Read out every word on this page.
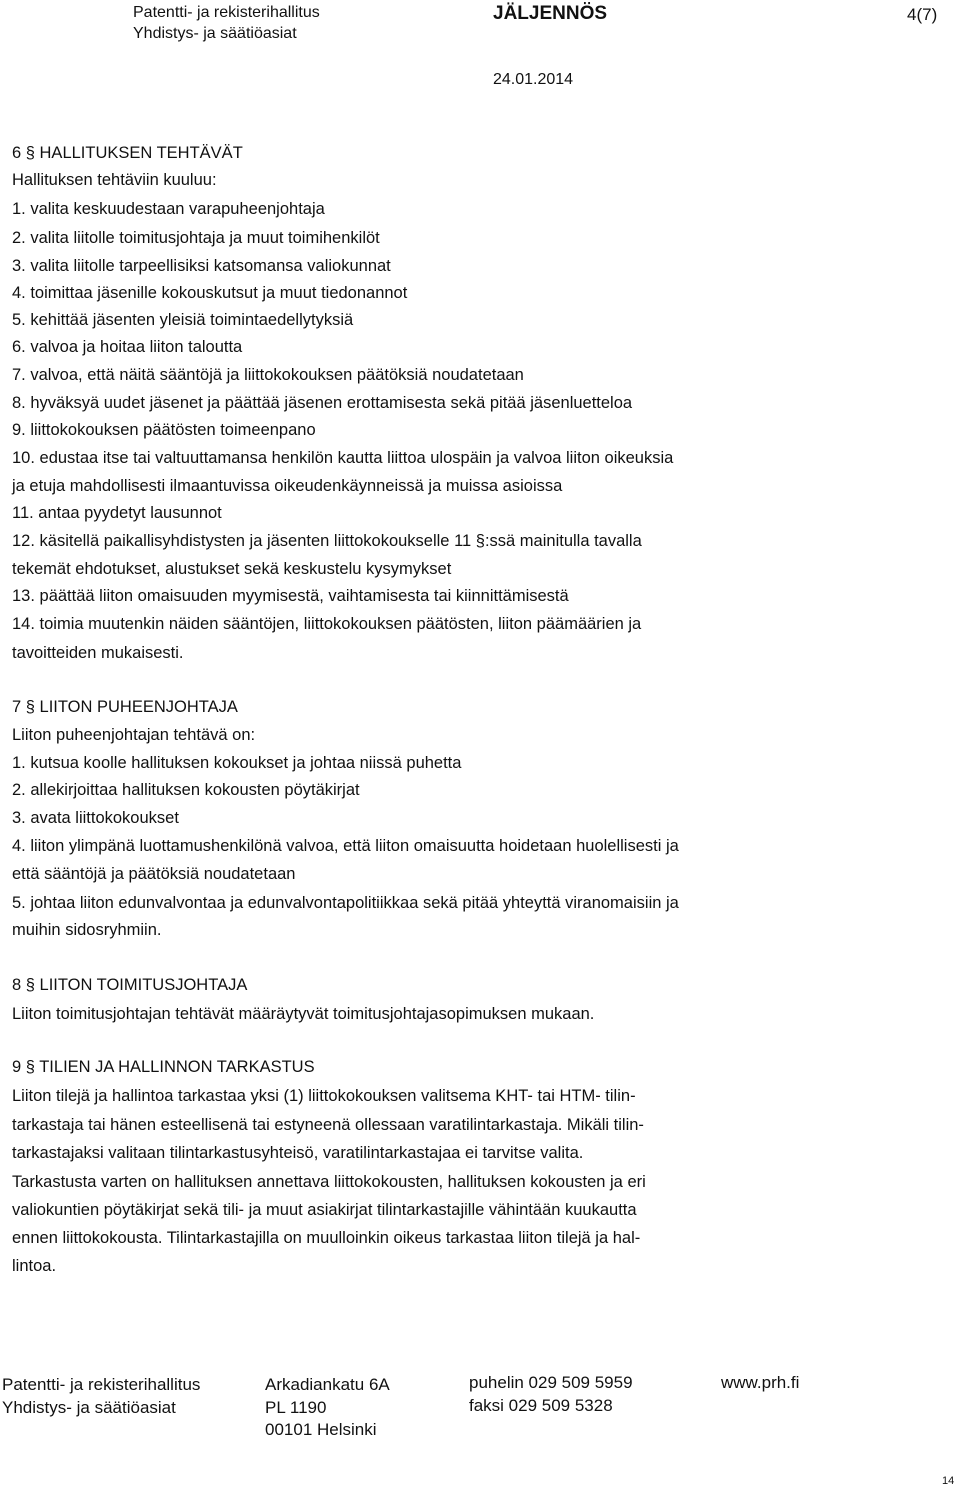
Patentti- ja rekisterihallitus
Yhdistys- ja säätiöasiat
JÄLJENNÖS	4(7)
24.01.2014
6 § HALLITUKSEN TEHTÄVÄT
Hallituksen tehtäviin kuuluu:
1. valita keskuudestaan varapuheenjohtaja
2. valita liitolle toimitusjohtaja ja muut toimihenkilöt
3. valita liitolle tarpeellisiksi katsomansa valiokunnat
4. toimittaa jäsenille kokouskutsut ja muut tiedonannot
5. kehittää jäsenten yleisiä toimintaedellytyksiä
6. valvoa ja hoitaa liiton taloutta
7. valvoa, että näitä sääntöjä ja liittokokouksen päätöksiä noudatetaan
8. hyväksyä uudet jäsenet ja päättää jäsenen erottamisesta sekä pitää jäsenluetteloa
9. liittokokouksen päätösten toimeenpano
10. edustaa itse tai valtuuttamansa henkilön kautta liittoa ulospäin ja valvoa liiton oikeuksia
ja etuja mahdollisesti ilmaantuvissa oikeudenkäynneissä ja muissa asioissa
11. antaa pyydetyt lausunnot
12. käsitellä paikallisyhdistysten ja jäsenten liittokokoukselle 11 §:ssä mainitulla tavalla
tekemät ehdotukset, alustukset sekä keskustelu kysymykset
13. päättää liiton omaisuuden myymisestä, vaihtamisesta tai kiinnittämisestä
14. toimia muutenkin näiden sääntöjen, liittokokouksen päätösten, liiton päämäärien ja
tavoitteiden mukaisesti.
7 § LIITON PUHEENJOHTAJA
Liiton puheenjohtajan tehtävä on:
1. kutsua koolle hallituksen kokoukset ja johtaa niissä puhetta
2. allekirjoittaa hallituksen kokousten pöytäkirjat
3. avata liittokokoukset
4. liiton ylimpänä luottamushenkilönä valvoa, että liiton omaisuutta hoidetaan huolellisesti ja
että sääntöjä ja päätöksiä noudatetaan
5. johtaa liiton edunvalvontaa ja edunvalvontapolitiikkaa sekä pitää yhteyttä viranomaisiin ja
muihin sidosryhmiin.
8 § LIITON TOIMITUSJOHTAJA
Liiton toimitusjohtajan tehtävät määräytyvät toimitusjohtajasopimuksen mukaan.
9 § TILIEN JA HALLINNON TARKASTUS
Liiton tilejä ja hallintoa tarkastaa yksi (1) liittokokouksen valitsema KHT- tai HTM- tilin-
tarkastaja tai hänen esteellisenä tai estyneenä ollessaan varatilintarkastaja. Mikäli tilin-
tarkastajaksi valitaan tilintarkastusyhteisö, varatilintarkastajaa ei tarvitse valita.
Tarkastusta varten on hallituksen annettava liittokokousten, hallituksen kokousten ja eri
valiokuntien pöytäkirjat sekä tili- ja muut asiakirjat tilintarkastajille vähintään kuukautta
ennen liittokokousta. Tilintarkastajilla on muulloinkin oikeus tarkastaa liiton tilejä ja hal-
lintoa.
Patentti- ja rekisterihallitus
Yhdistys- ja säätiöasiat
Arkadiankatu 6A
PL 1190
00101 Helsinki
puhelin 029 509 5959
faksi 029 509 5328
www.prh.fi
14
